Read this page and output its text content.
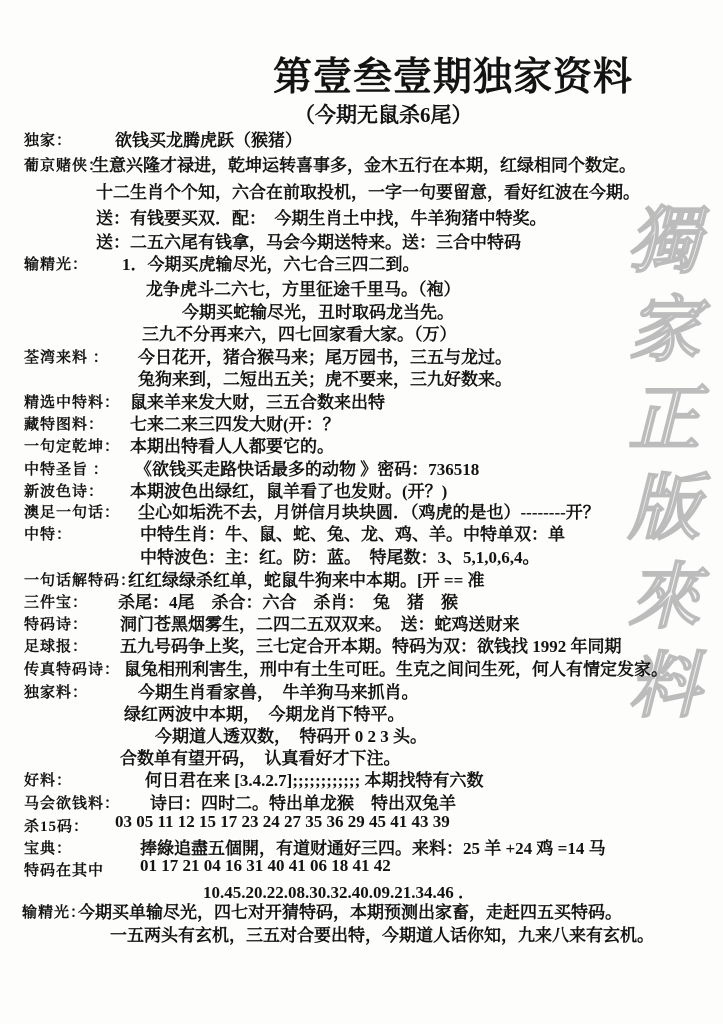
第壹叁壹期独家资料
（今期无鼠杀6尾）
獨家正版來料
独家：	欲钱买龙腾虎跃（猴猪）
葡京赌侠：
生意兴隆才禄进，乾坤运转喜事多，金木五行在本期，红绿相同个数定。
十二生肖个个知，六合在前取投机，一字一句要留意，看好红波在今期。
送：有钱要买双．配：　今期生肖土中找，牛羊狗猪中特奖。
送：二五六尾有钱拿，马会今期送特来。送：三合中特码
输精光： 1．今期买虎输尽光，六七合三四二到。
龙争虎斗二六七，方里征途千里马。（袍）
今期买蛇输尽光，丑时取码龙当先。
三九不分再来六，四七回家看大家。（万）
荃湾来料 ： 今日花开，猪合猴马来；尾万园书，三五与龙过。
兔狗来到，二短出五关；虎不要来，三九好数来。
精选中特料： 鼠来羊来发大财，三五合数来出特
藏特图料： 七来二来三四发大财(开：？
一句定乾坤： 本期出特看人人都要它的。
中特圣旨 ： 《欲钱买走路快话最多的动物 》密码：736518
新波色诗： 本期波色出绿红，鼠羊看了也发财。(开？)
澳足一句话： 尘心如垢洗不去，月饼信月块块圆．（鸡虎的是也）--------开？
中特：	中特生肖：牛、鼠、蛇、兔、龙、鸡、羊。中特单双：单
中特波色：主：红。防：蓝。　特尾数：3、5,1,0,6,4。
一句话解特码：
红红绿绿杀红单，蛇鼠牛狗来中本期。[开 == 准
三件宝： 杀尾：4尾　杀合：六合　杀肖：　兔　猪　猴
特码诗： 洞门苍黑烟雾生，二四二五双双来。　送：蛇鸡送财来
足球报： 五九号码争上奖，三七定合开本期。特码为双：欲钱找 1992 年同期
传真特码诗： 鼠兔相刑利害生，刑中有土生可旺。生克之间问生死，何人有情定发家。
独家料：	今期生肖看家兽，　牛羊狗马来抓肖。
绿红两波中本期，　今期龙肖下特平。
今期道人透双数，　特码开 0 2 3 头。
合数单有望开码，　认真看好才下注。
好料：	何日君在来 [3.4.2.7];;;;;;;;;;;; 本期找特有六数
马会欲钱料： 诗曰：四时二。特出单龙猴　特出双兔羊
杀15码： 03 05 11 12 15 17 23 24 27 35 36 29 45 41 43 39
宝典：	捧綠追盡五個開，有道财通好三四。来料：25 羊 +24 鸡 =14 马
特码在其中 01 17 21 04 16 31 40 41 06 18 41 42
10.45.20.22.08.30.32.40.09.21.34.46 ．
输精光：
今期买单输尽光，四七对开猜特码，本期预测出家畜，走赶四五买特码。
一五两头有玄机，三五对合要出特，今期道人话你知，九来八来有玄机。
